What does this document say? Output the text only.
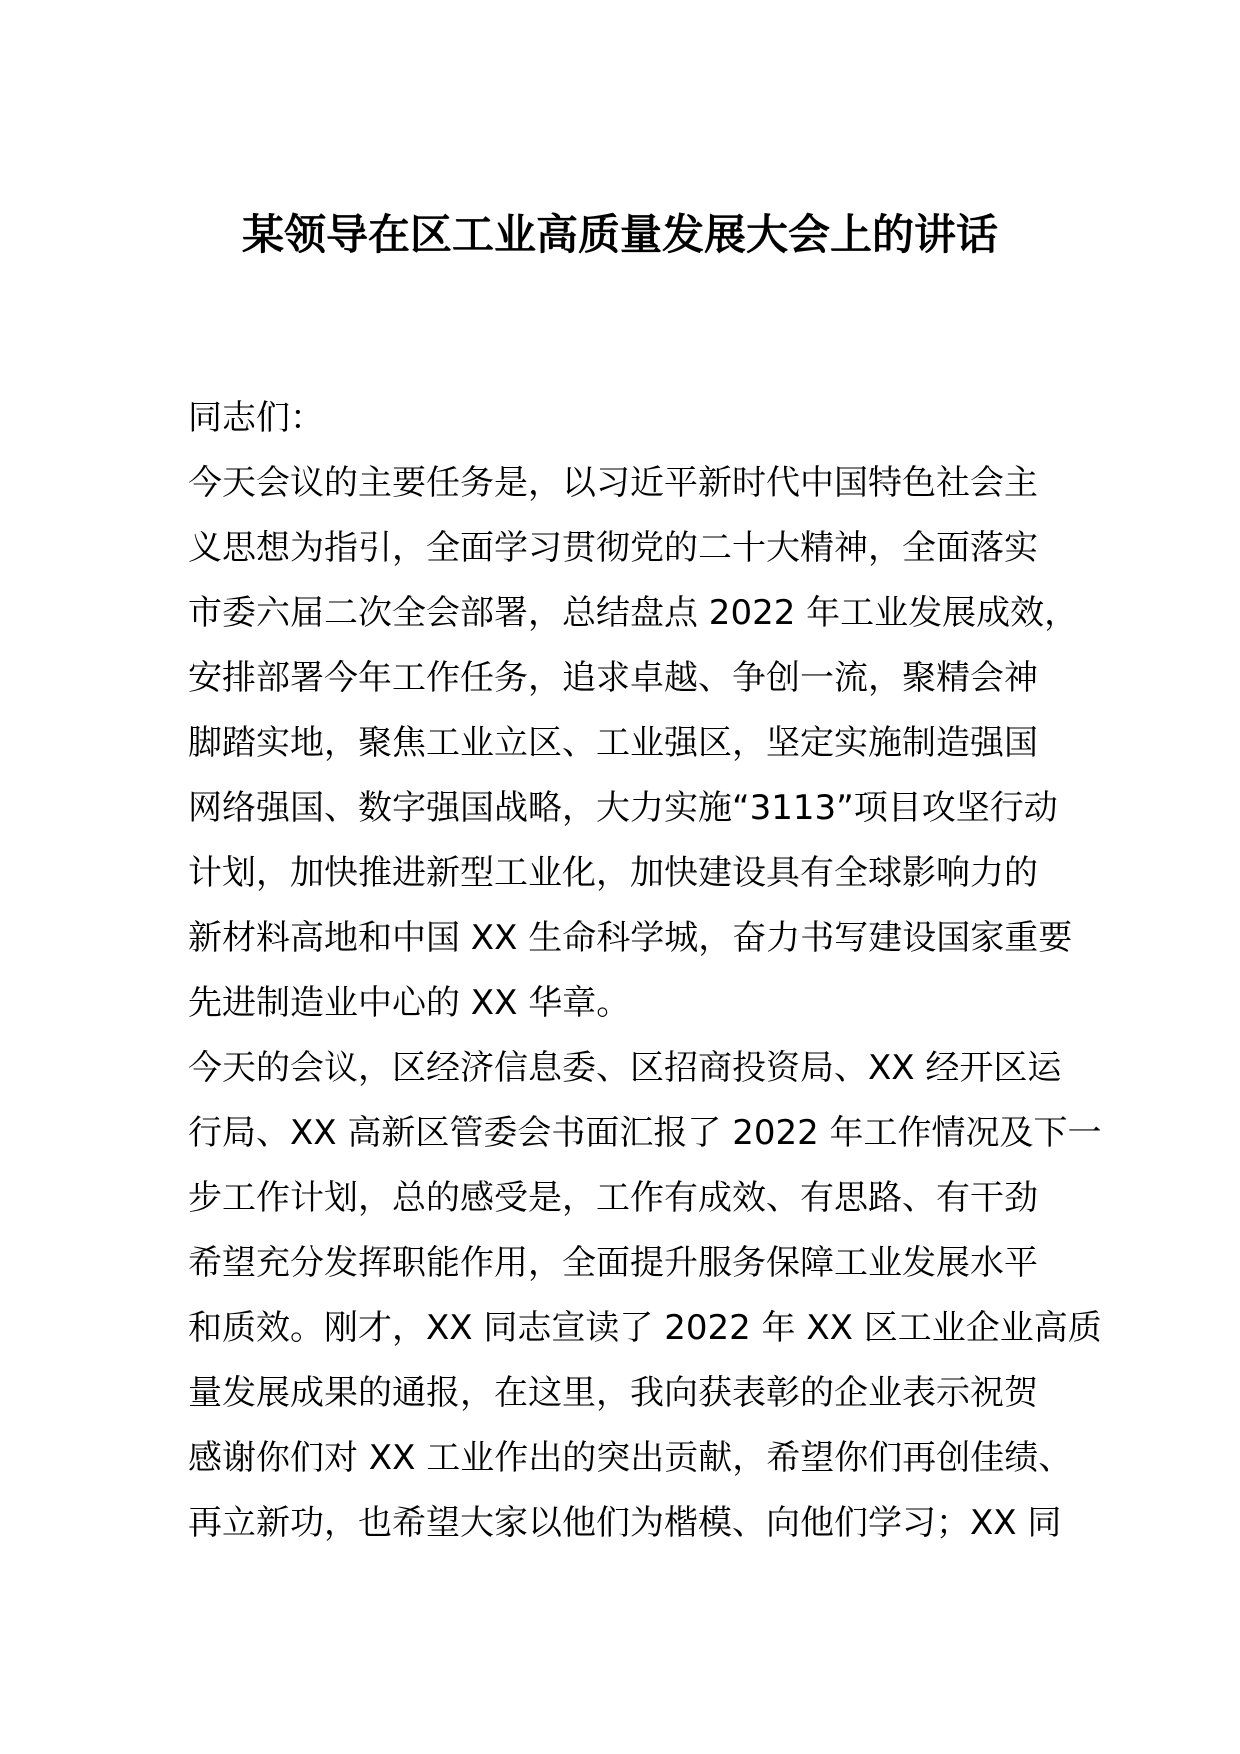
某领导在区工业高质量发展大会上的讲话
同志们：
今天会议的主要任务是，以习近平新时代中国特色社会主
义思想为指引，全面学习贯彻党的二十大精神，全面落实
市委六届二次全会部署，总结盘点 2022 年工业发展成效，
安排部署今年工作任务，追求卓越、争创一流，聚精会神
脚踏实地，聚焦工业立区、工业强区，坚定实施制造强国
网络强国、数字强国战略，大力实施“3113”项目攻坚行动
计划，加快推进新型工业化，加快建设具有全球影响力的
新材料高地和中国 XX 生命科学城，奋力书写建设国家重要
先进制造业中心的 XX 华章。
今天的会议，区经济信息委、区招商投资局、XX 经开区运
行局、XX 高新区管委会书面汇报了 2022 年工作情况及下一
步工作计划，总的感受是，工作有成效、有思路、有干劲
希望充分发挥职能作用，全面提升服务保障工业发展水平
和质效。刚才，XX 同志宣读了 2022 年 XX 区工业企业高质
量发展成果的通报，在这里，我向获表彰的企业表示祝贺
感谢你们对 XX 工业作出的突出贡献，希望你们再创佳绩、
再立新功，也希望大家以他们为楷模、向他们学习；XX 同
